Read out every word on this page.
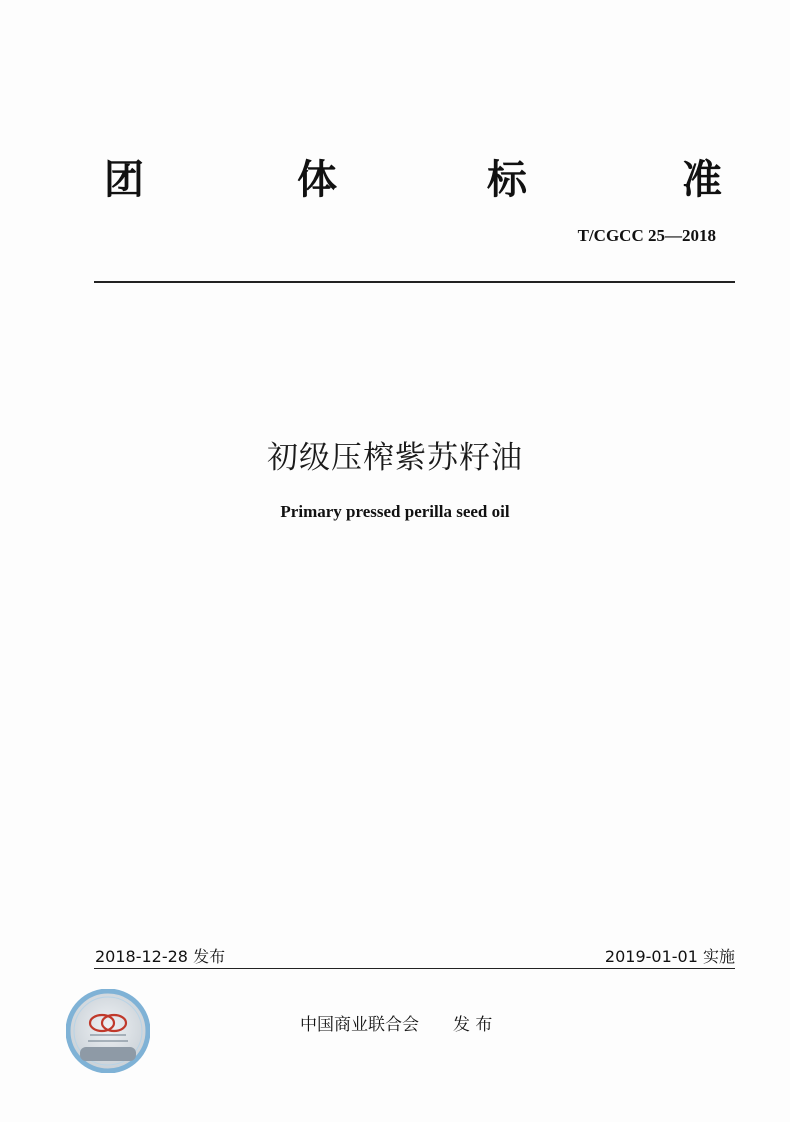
团	体	标	准
T/CGCC 25—2018
初级压榨紫苏籽油
Primary pressed perilla seed oil
2018-12-28 发布	2019-01-01 实施
中国商业联合会 发 布
